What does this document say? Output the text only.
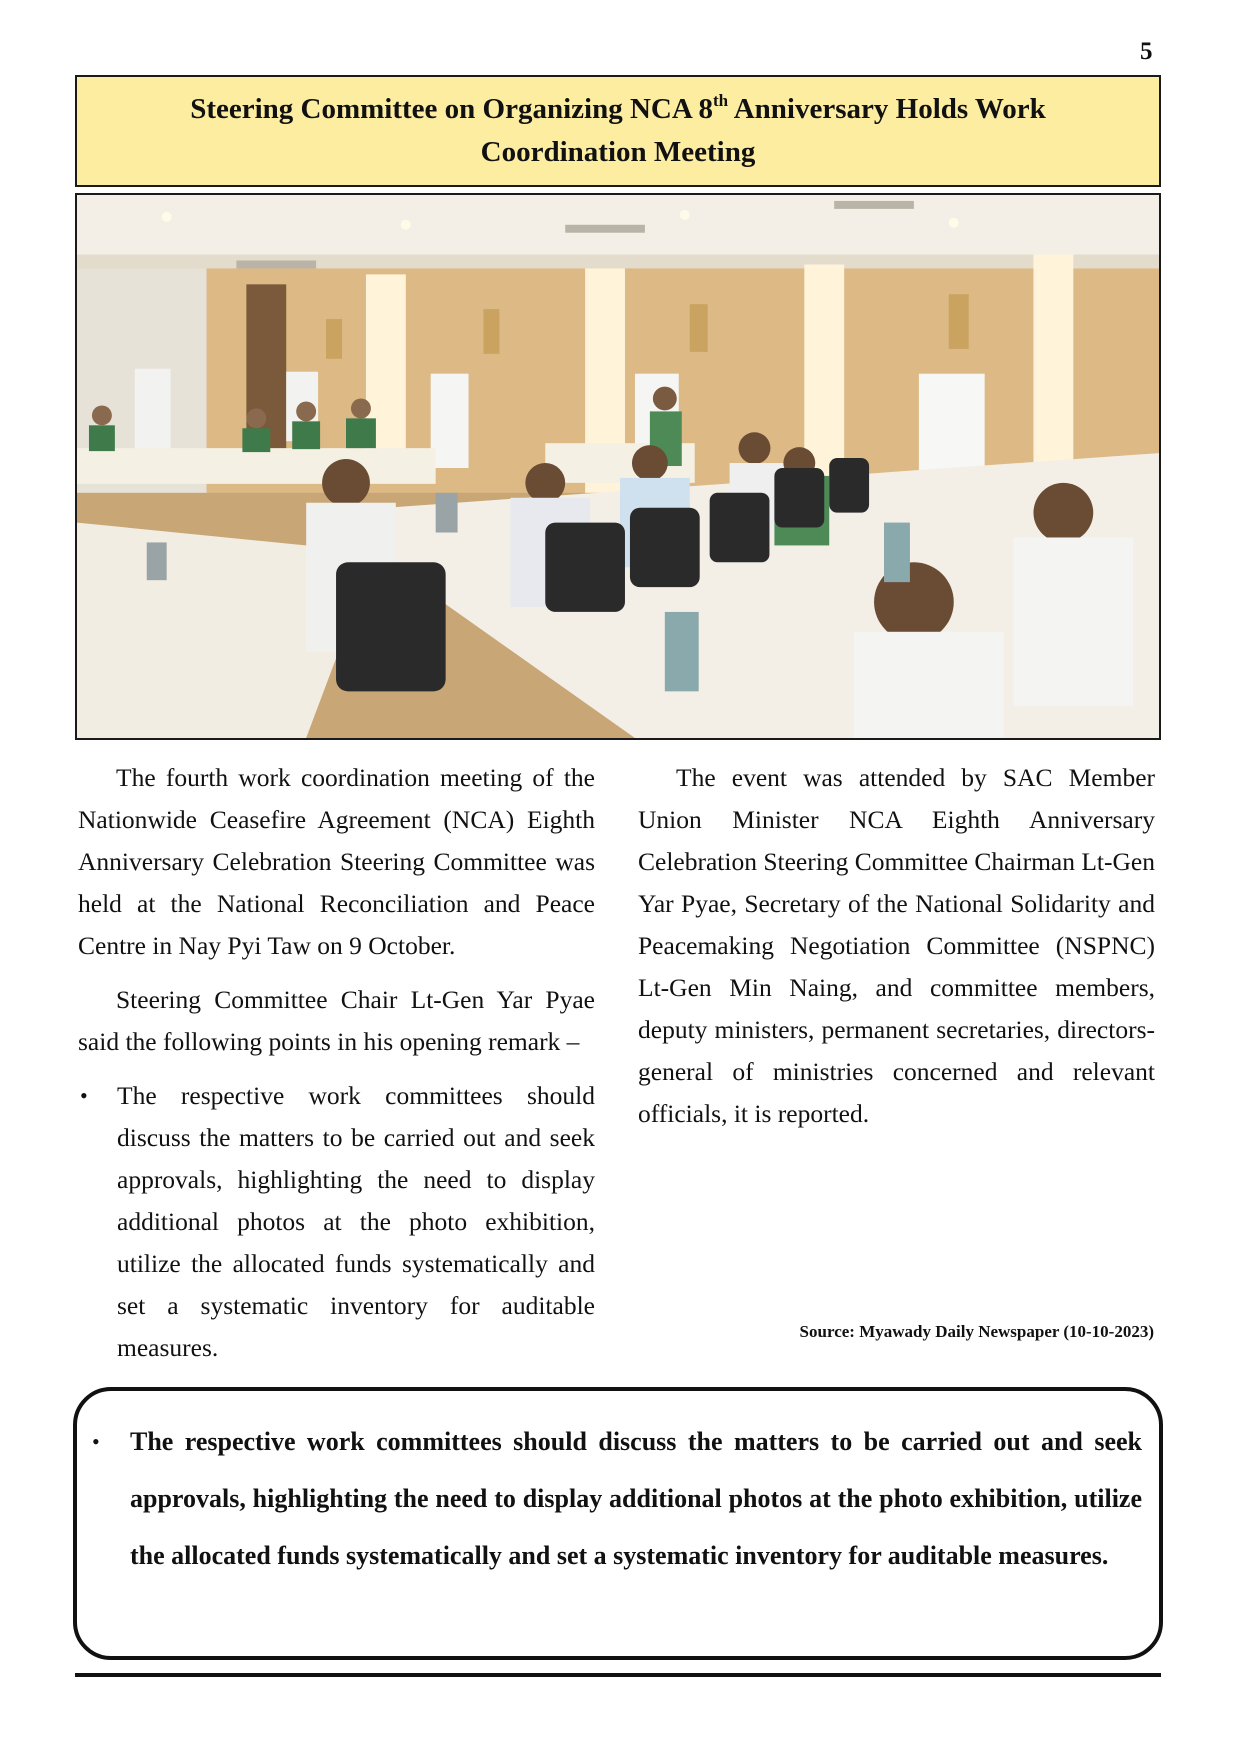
5
Steering Committee on Organizing NCA 8th Anniversary Holds Work
Coordination Meeting

The fourth work coordination meeting of the Nationwide Ceasefire Agreement (NCA) Eighth Anniversary Celebration Steering Committee was held at the National Reconciliation and Peace Centre in Nay Pyi Taw on 9 October.

Steering Committee Chair Lt-Gen Yar Pyae said the following points in his opening remark –

• The respective work committees should discuss the matters to be carried out and seek approvals, highlighting the need to display additional photos at the photo exhibition, utilize the allocated funds systematically and set a systematic inventory for auditable measures.

The event was attended by SAC Member Union Minister NCA Eighth Anniversary Celebration Steering Committee Chairman Lt-Gen Yar Pyae, Secretary of the National Solidarity and Peacemaking Negotiation Committee (NSPNC) Lt-Gen Min Naing, and committee members, deputy ministers, permanent secretaries, directors-general of ministries concerned and relevant officials, it is reported.

Source: Myawady Daily Newspaper (10-10-2023)
• The respective work committees should discuss the matters to be carried out and seek approvals, highlighting the need to display additional photos at the photo exhibition, utilize the allocated funds systematically and set a systematic inventory for auditable measures.
